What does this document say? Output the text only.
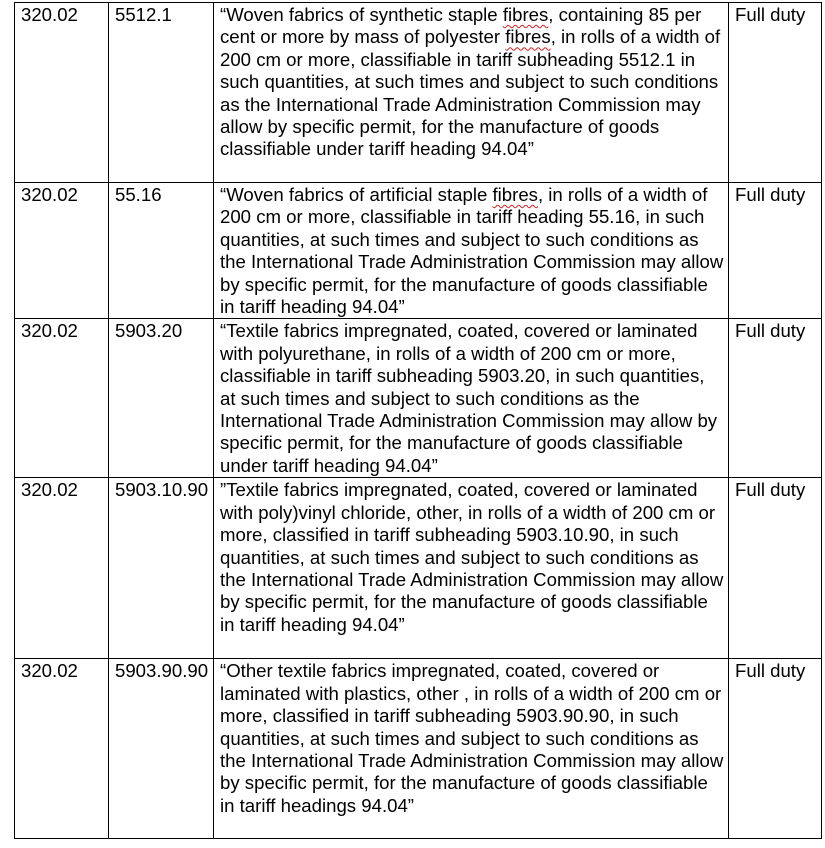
320.02	5512.1	“Woven fabrics of synthetic staple fibres, containing 85 per cent or more by mass of polyester fibres, in rolls of a width of 200 cm or more, classifiable in tariff subheading 5512.1 in such quantities, at such times and subject to such conditions as the International Trade Administration Commission may allow by specific permit, for the manufacture of goods classifiable under tariff heading 94.04”	Full duty
320.02	55.16	“Woven fabrics of artificial staple fibres, in rolls of a width of 200 cm or more, classifiable in tariff heading 55.16, in such quantities, at such times and subject to such conditions as the International Trade Administration Commission may allow by specific permit, for the manufacture of goods classifiable in tariff heading 94.04”	Full duty
320.02	5903.20	“Textile fabrics impregnated, coated, covered or laminated with polyurethane, in rolls of a width of 200 cm or more, classifiable in tariff subheading 5903.20, in such quantities, at such times and subject to such conditions as the International Trade Administration Commission may allow by specific permit, for the manufacture of goods classifiable under tariff heading 94.04”	Full duty
320.02	5903.10.90	”Textile fabrics impregnated, coated, covered or laminated with poly)vinyl chloride, other, in rolls of a width of 200 cm or more, classified in tariff subheading 5903.10.90, in such quantities, at such times and subject to such conditions as the International Trade Administration Commission may allow by specific permit, for the manufacture of goods classifiable in tariff heading 94.04”	Full duty
320.02	5903.90.90	“Other textile fabrics impregnated, coated, covered or laminated with plastics, other , in rolls of a width of 200 cm or more, classified in tariff subheading 5903.90.90, in such quantities, at such times and subject to such conditions as the International Trade Administration Commission may allow by specific permit, for the manufacture of goods classifiable in tariff headings 94.04”	Full duty
